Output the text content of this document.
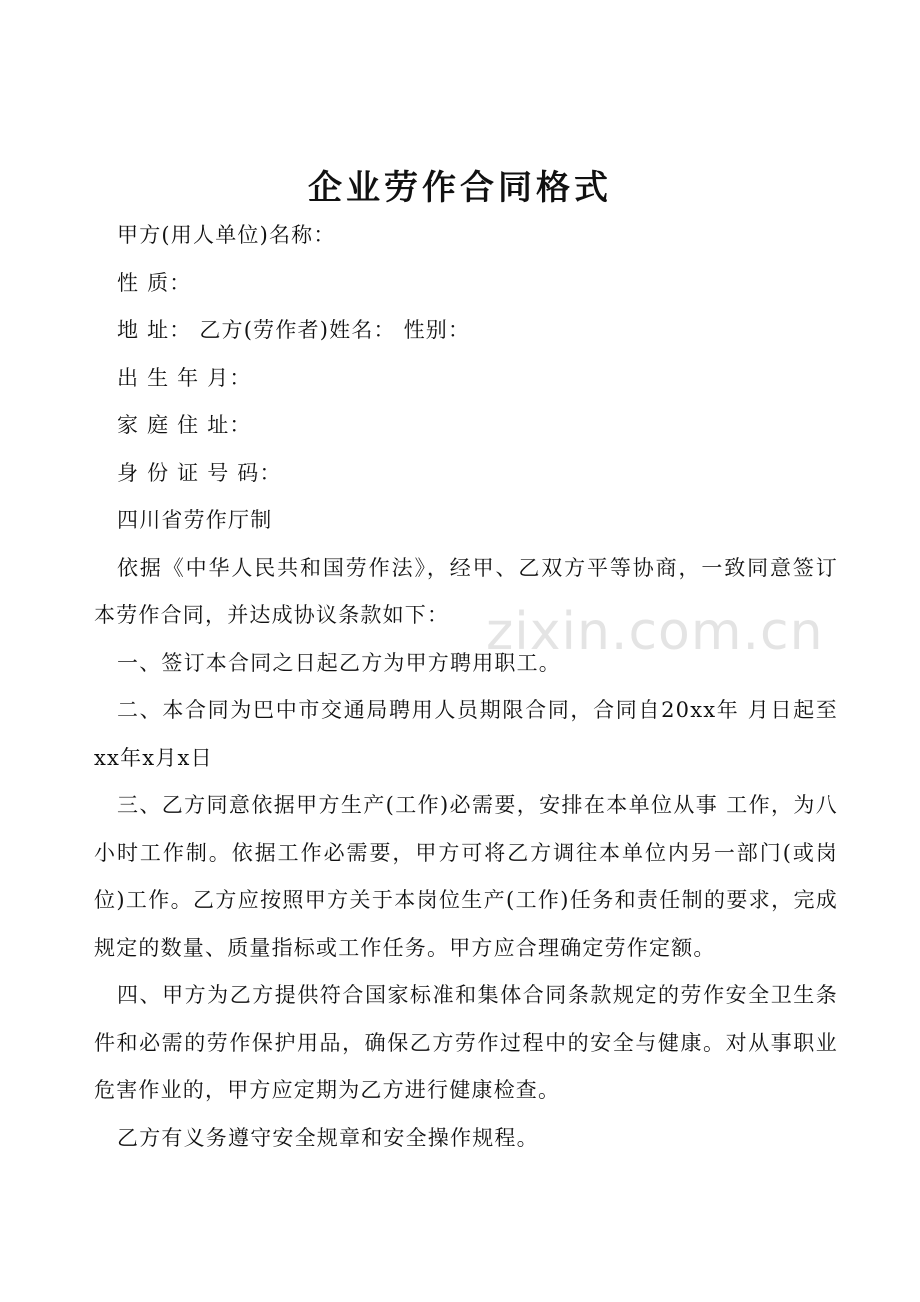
企业劳作合同格式

甲方(用人单位)名称：

性 质：

地 址： 乙方(劳作者)姓名： 性别：

出 生 年 月：

家 庭 住 址：

身 份 证 号 码：

四川省劳作厅制

依据《中华人民共和国劳作法》，经甲、乙双方平等协商，一致同意签订本劳作合同，并达成协议条款如下：

一、签订本合同之日起乙方为甲方聘用职工。

二、本合同为巴中市交通局聘用人员期限合同，合同自20xx年 月日起至xx年x月x日

三、乙方同意依据甲方生产(工作)必需要，安排在本单位从事 工作，为八小时工作制。依据工作必需要，甲方可将乙方调往本单位内另一部门(或岗位)工作。乙方应按照甲方关于本岗位生产(工作)任务和责任制的要求，完成规定的数量、质量指标或工作任务。甲方应合理确定劳作定额。

四、甲方为乙方提供符合国家标准和集体合同条款规定的劳作安全卫生条件和必需的劳作保护用品，确保乙方劳作过程中的安全与健康。对从事职业危害作业的，甲方应定期为乙方进行健康检查。

乙方有义务遵守安全规章和安全操作规程。

zixin.com.cn
